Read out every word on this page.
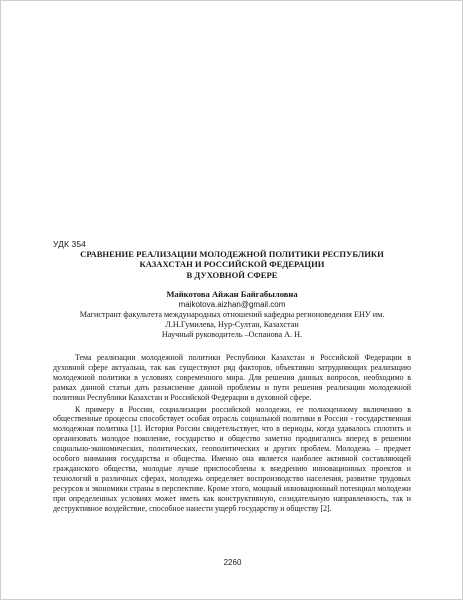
УДК 354
СРАВНЕНИЕ РЕАЛИЗАЦИИ МОЛОДЕЖНОЙ ПОЛИТИКИ РЕСПУБЛИКИ
КАЗАХСТАН И РОССИЙСКОЙ ФЕДЕРАЦИИ
В ДУХОВНОЙ СФЕРЕ
Майкотова Айжан Байгабыловна
maikotova.aizhan@gmail.com
Магистрант факультета международных отношений кафедры регионоведения ЕНУ им.
Л.Н.Гумилева, Нур-Султан, Казахстан
Научный руководитель –Оспанова А. Н.

Тема реализации молодежной политики Республики Казахстан и Российской Федерации в духовной сфере актуальна, так как существуют ряд факторов, объективно затрудняющих реализацию молодежной политики в условиях современного мира. Для решения данных вопросов, необходимо в рамках данной статьи дать разъяснение данной проблемы и пути решения реализации молодежной политики Республики Казахстан и Российской Федерации в духовной сфере.

К примеру в России, социализации российской молодежи, ее полноценному включению в общественные процессы способствует особая отрасль социальной политики в России - государственная молодежная политика [1]. История России свидетельствует, что в периоды, когда удавалось сплотить и организовать молодое поколение, государство и общество заметно продвигались вперед в решении социально-экономических, политических, геополитических и других проблем. Молодежь – предмет особого внимания государства и общества. Именно она является наиболее активной составляющей гражданского общества, молодые лучше приспособлены к внедрению инновационных проектов и технологий в различных сферах, молодежь определяет воспроизводство населения, развитие трудовых ресурсов и экономики страны в перспективе. Кроме этого, мощный инновационный потенциал молодежи при определенных условиях может иметь как конструктивную, созидательную направленность, так и деструктивное воздействие, способное нанести ущерб государству и обществу [2].

2260
